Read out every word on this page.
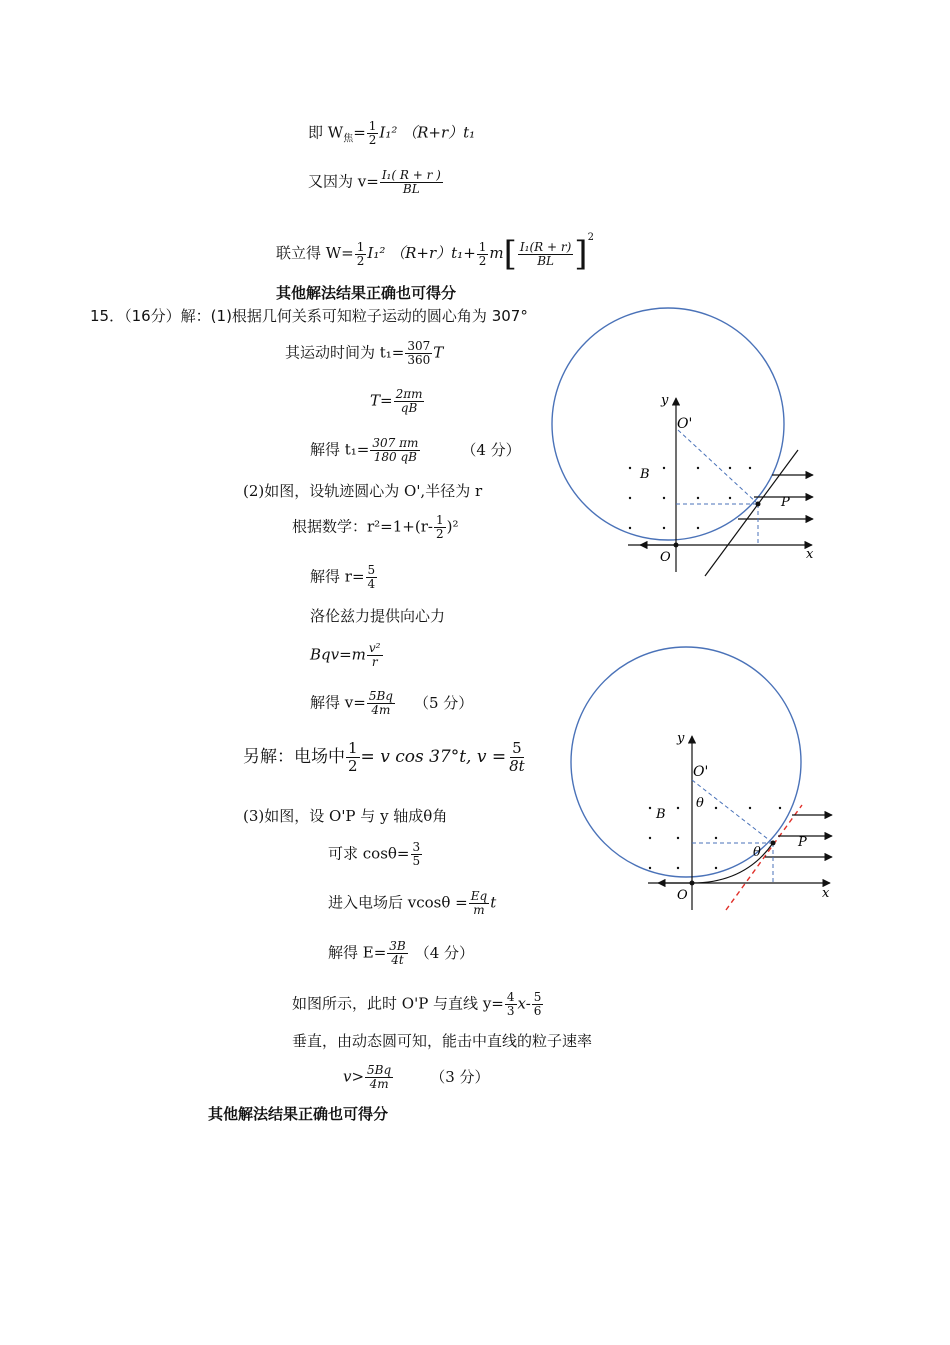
即 $W_焦= \frac{1}{2} I_1^2$ （R+r）t₁
又因为 $v= \frac{\text{I₁( R + r )}}{BL}$
联立得 $W= \frac{1}{2} I_1^2$ $(R+r)t_1+ \frac{1}{2} m[ \frac{\text{I₁(R + r)}}{BL} ]^2$
其他解法结果正确也可得分
15．（16分）解：(1)根据几何关系可知粒子运动的圆心角为 307°
其运动时间为 $t_1= \frac{307}{360}$ T
$T= \frac{2\pi m}{qB}$
解得 $t_1= \frac{307 \pi m}{180 qB}$	（4 分）
(2)如图，设轨迹圆心为 O',半径为 r
根据数学：$r^2=1+(r- \frac{1}{2} )^2$
解得 $r= \frac{5}{4}$
洛伦兹力提供向心力
$Bqv=m \frac{\text{v²}}{r}$
解得 $v= \frac{5Bq}{4m} (5$ 分）
另解：电场中 $\frac{1}{2} = v$ cos 37°t, $v = \frac{5}{8t}$
(3)如图，设 O'P 与 y 轴成θ角
可求 $\cos\theta= \frac{3}{5}$
进入电场后 $vcos\theta = \frac{Eq}{m}$ t
解得 $E= \frac{3B}{4t} (4$ 分）
如图所示，此时 O'P 与直线 $y= \frac{4}{3} x- \frac{5}{6}$
垂直，由动态圆可知，能击中直线的粒子速率
$v> \frac{5Bq}{4m} (3$ 分）
其他解法结果正确也可得分
y
x
O
O'
B
P
y
x
O
O'
θ
θ
B
P
